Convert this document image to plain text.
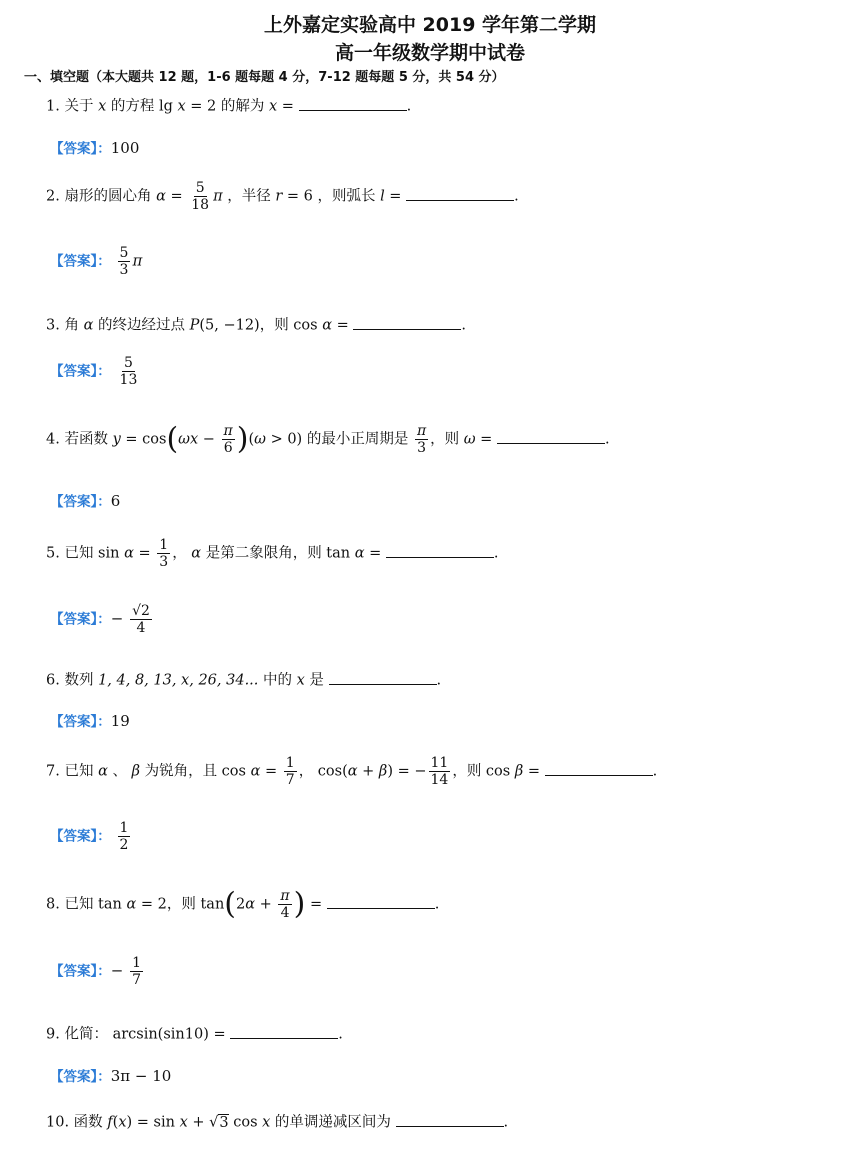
上外嘉定实验高中 2019 学年第二学期
高一年级数学期中试卷
一、填空题（本大题共 12 题，1-6 题每题 4 分，7-12 题每题 5 分，共 54 分）
1. 关于 x 的方程 lg x = 2 的解为 x =	.
【答案】：100
2. 扇形的圆心角 $\alpha = \frac{5}{18}$ π ，半径 r = 6 ，则弧长 l =	.
【答案】： $\frac{5}{3}$ π
3. 角 α 的终边经过点 P(5, −12)，则 cos α =	.
【答案】： $\frac{5}{13}$
4. 若函数 $y = \cos(\omega x - \frac{\pi}{6} )(\omega > 0)$ 的最小正周期是 $\frac{\pi}{3}$ ，则 ω =	.
【答案】：6
5. 已知 $\sin \alpha = \frac{1}{3}$ ， α 是第二象限角，则 tan α =	.
【答案】：− $\frac{√2}{4}$
6. 数列 1, 4, 8, 13, x, 26, 34... 中的 x 是	.
【答案】：19
7. 已知 α 、 β 为锐角，且 $\cos \alpha = \frac{1}{7}$ ， cos(α + β) = − $\frac{11}{14}$ ，则 cos β =	.
【答案】： $\frac{1}{2}$
8. 已知 tan α = 2，则 $\tan(2\alpha + \frac{\pi}{4}$ ) =	.
【答案】：− $\frac{1}{7}$
9. 化简： arcsin(sin10) =	.
【答案】：3π − 10
10. 函数 f(x) = sin x + √3 cos x 的单调递减区间为	.
